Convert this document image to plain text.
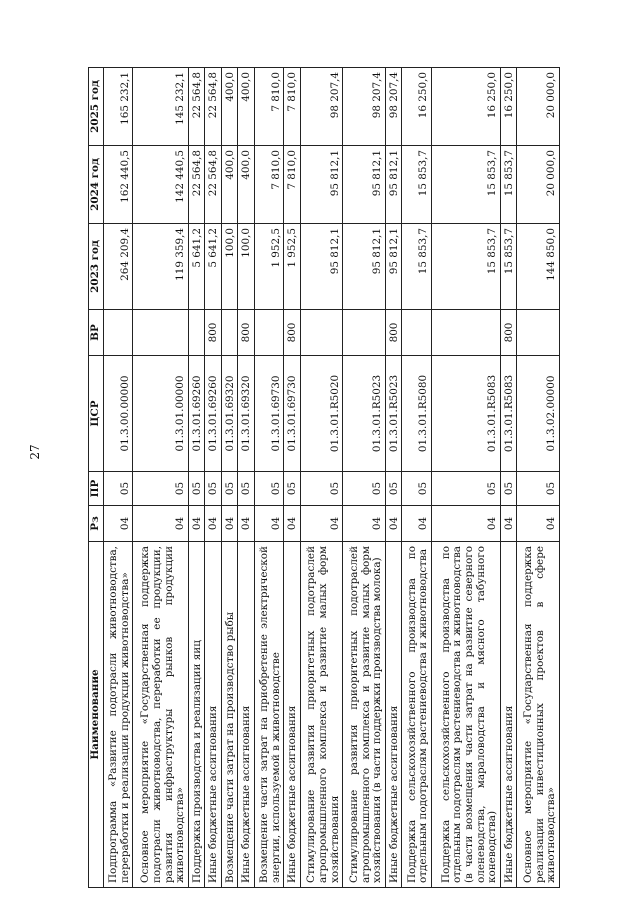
27
Наименование	Рз	ПР	ЦСР	ВР	2023 год	2024 год	2025 год
Подпрограмма «Развитие подотрасли животноводства, переработки и реализации продукции животноводства»	04	05	01.3.00.00000		264 209,4	162 440,5	165 232,1
Основное мероприятие «Государственная поддержка подотрасли животноводства, переработки ее продукции, развития инфраструктуры рынков продукции животноводства»	04	05	01.3.01.00000		119 359,4	142 440,5	145 232,1
Поддержка производства и реализации яиц	04	05	01.3.01.69260		5 641,2	22 564,8	22 564,8
Иные бюджетные ассигнования	04	05	01.3.01.69260	800	5 641,2	22 564,8	22 564,8
Возмещение части затрат на производство рыбы	04	05	01.3.01.69320		100,0	400,0	400,0
Иные бюджетные ассигнования	04	05	01.3.01.69320	800	100,0	400,0	400,0
Возмещение части затрат на приобретение электрической энергии, используемой в животноводстве	04	05	01.3.01.69730		1 952,5	7 810,0	7 810,0
Иные бюджетные ассигнования	04	05	01.3.01.69730	800	1 952,5	7 810,0	7 810,0
Стимулирование развития приоритетных подотраслей агропромышленного комплекса и развитие малых форм хозяйствования	04	05	01.3.01.R5020		95 812,1	95 812,1	98 207,4
Стимулирование развития приоритетных подотраслей агропромышленного комплекса и развитие малых форм хозяйствования (в части поддержки производства молока)	04	05	01.3.01.R5023		95 812,1	95 812,1	98 207,4
Иные бюджетные ассигнования	04	05	01.3.01.R5023	800	95 812,1	95 812,1	98 207,4
Поддержка сельскохозяйственного производства по отдельным подотраслям растениеводства и животноводства	04	05	01.3.01.R5080		15 853,7	15 853,7	16 250,0
Поддержка сельскохозяйственного производства по отдельным подотраслям растениеводства и животноводства (в части возмещения части затрат на развитие северного оленеводства, мараловодства и мясного табунного коневодства)	04	05	01.3.01.R5083		15 853,7	15 853,7	16 250,0
Иные бюджетные ассигнования	04	05	01.3.01.R5083	800	15 853,7	15 853,7	16 250,0
Основное мероприятие «Государственная поддержка реализации инвестиционных проектов в сфере животноводства»	04	05	01.3.02.00000		144 850,0	20 000,0	20 000,0
